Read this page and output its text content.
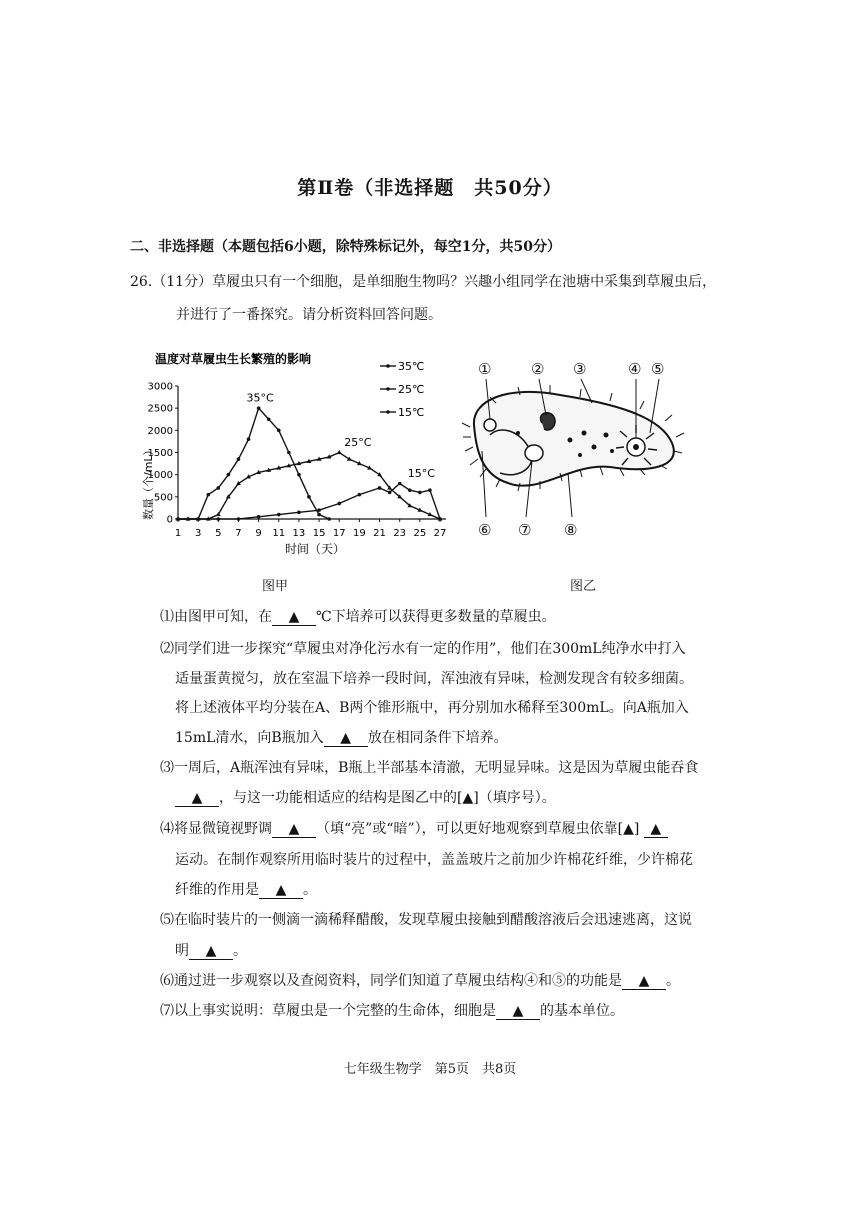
第Ⅱ卷（非选择题　共50分）
二、非选择题（本题包括6小题，除特殊标记外，每空1分，共50分）
26.（11分）草履虫只有一个细胞，是单细胞生物吗？兴趣小组同学在池塘中采集到草履虫后，
并进行了一番探究。请分析资料回答问题。
温度对草履虫生长繁殖的影响
35℃
25℃
15℃
数量（个/mL）
时间（天）
1 3 5 7 9 11 13 15 17 19 21 23 25 27
0
500
1000
1500
2000
2500
3000
35°C
25°C
15°C
图甲
①	② ③	④ ⑤
⑥ ⑦ ⑧
图乙
⑴由图甲可知，在 ▲ ℃下培养可以获得更多数量的草履虫。
⑵同学们进一步探究“草履虫对净化污水有一定的作用”，他们在300mL纯净水中打入
适量蛋黄搅匀，放在室温下培养一段时间，浑浊液有异味，检测发现含有较多细菌。
将上述液体平均分装在A、B两个锥形瓶中，再分别加水稀释至300mL。向A瓶加入
15mL清水，向B瓶加入 ▲ 放在相同条件下培养。
⑶一周后，A瓶浑浊有异味，B瓶上半部基本清澈，无明显异味。这是因为草履虫能吞食
▲ ，与这一功能相适应的结构是图乙中的[▲]（填序号）。
⑷将显微镜视野调 ▲ （填“亮”或“暗”），可以更好地观察到草履虫依靠[▲] ▲
运动。在制作观察所用临时装片的过程中，盖盖玻片之前加少许棉花纤维，少许棉花
纤维的作用是 ▲ 。
⑸在临时装片的一侧滴一滴稀释醋酸，发现草履虫接触到醋酸溶液后会迅速逃离，这说
明 ▲ 。
⑹通过进一步观察以及查阅资料，同学们知道了草履虫结构④和⑤的功能是 ▲ 。
⑺以上事实说明：草履虫是一个完整的生命体，细胞是 ▲ 的基本单位。
七年级生物学　第5页　共8页
